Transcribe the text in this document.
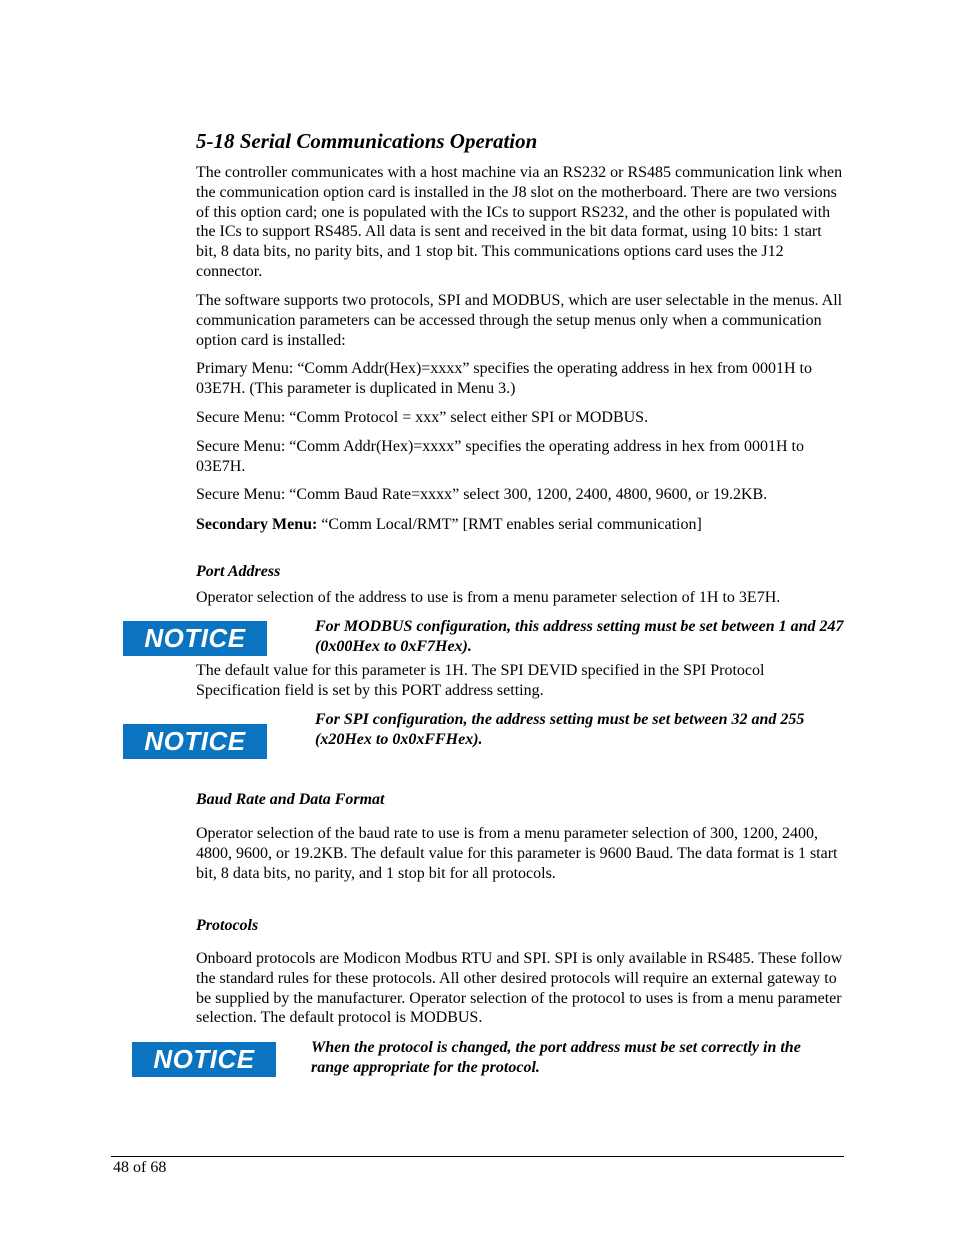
5-18 Serial Communications Operation
The controller communicates with a host machine via an RS232 or RS485 communication link when the communication option card is installed in the J8 slot on the motherboard. There are two versions of this option card; one is populated with the ICs to support RS232, and the other is populated with the ICs to support RS485. All data is sent and received in the bit data format, using 10 bits: 1 start bit, 8 data bits, no parity bits, and 1 stop bit. This communications options card uses the J12 connector.
The software supports two protocols, SPI and MODBUS, which are user selectable in the menus. All communication parameters can be accessed through the setup menus only when a communication option card is installed:
Primary Menu: “Comm Addr(Hex)=xxxx” specifies the operating address in hex from 0001H to 03E7H. (This parameter is duplicated in Menu 3.)
Secure Menu: “Comm Protocol = xxx” select either SPI or MODBUS.
Secure Menu: “Comm Addr(Hex)=xxxx” specifies the operating address in hex from 0001H to 03E7H.
Secure Menu: “Comm Baud Rate=xxxx” select 300, 1200, 2400, 4800, 9600, or 19.2KB.
Secondary Menu: “Comm Local/RMT” [RMT enables serial communication]
Port Address
Operator selection of the address to use is from a menu parameter selection of 1H to 3E7H.
NOTICE	For MODBUS configuration, this address setting must be set between 1 and 247 (0x00Hex to 0xF7Hex).
The default value for this parameter is 1H. The SPI DEVID specified in the SPI Protocol Specification field is set by this PORT address setting.
NOTICE
For SPI configuration, the address setting must be set between 32 and 255 (x20Hex to 0x0xFFHex).
Baud Rate and Data Format
Operator selection of the baud rate to use is from a menu parameter selection of 300, 1200, 2400, 4800, 9600, or 19.2KB. The default value for this parameter is 9600 Baud. The data format is 1 start bit, 8 data bits, no parity, and 1 stop bit for all protocols.
Protocols
Onboard protocols are Modicon Modbus RTU and SPI. SPI is only available in RS485. These follow the standard rules for these protocols. All other desired protocols will require an external gateway to be supplied by the manufacturer. Operator selection of the protocol to uses is from a menu parameter selection. The default protocol is MODBUS.
NOTICE	When the protocol is changed, the port address must be set correctly in the range appropriate for the protocol.
48 of 68
